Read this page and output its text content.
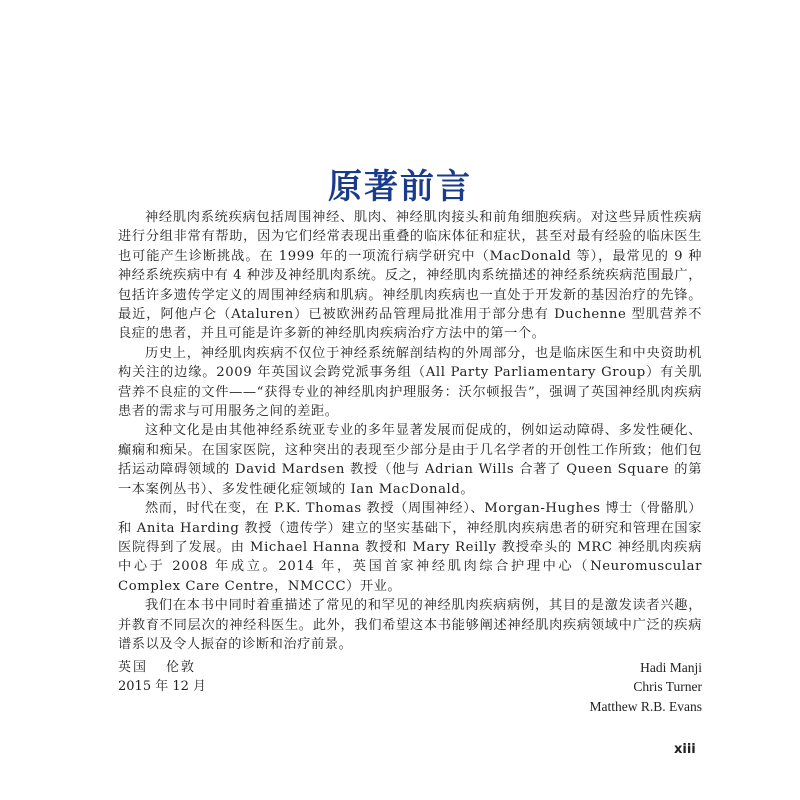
原著前言

神经肌肉系统疾病包括周围神经、肌肉、神经肌肉接头和前角细胞疾病。对这些异质性疾病进行分组非常有帮助，因为它们经常表现出重叠的临床体征和症状，甚至对最有经验的临床医生也可能产生诊断挑战。在 1999 年的一项流行病学研究中（MacDonald 等），最常见的 9 种神经系统疾病中有 4 种涉及神经肌肉系统。反之，神经肌肉系统描述的神经系统疾病范围最广，包括许多遗传学定义的周围神经病和肌病。神经肌肉疾病也一直处于开发新的基因治疗的先锋。最近，阿他卢仑（Ataluren）已被欧洲药品管理局批准用于部分患有 Duchenne 型肌营养不良症的患者，并且可能是许多新的神经肌肉疾病治疗方法中的第一个。

历史上，神经肌肉疾病不仅位于神经系统解剖结构的外周部分，也是临床医生和中央资助机构关注的边缘。2009 年英国议会跨党派事务组（All Party Parliamentary Group）有关肌营养不良症的文件——“获得专业的神经肌肉护理服务：沃尔顿报告”，强调了英国神经肌肉疾病患者的需求与可用服务之间的差距。

这种文化是由其他神经系统亚专业的多年显著发展而促成的，例如运动障碍、多发性硬化、癫痫和痴呆。在国家医院，这种突出的表现至少部分是由于几名学者的开创性工作所致；他们包括运动障碍领域的 David Mardsen 教授（他与 Adrian Wills 合著了 Queen Square 的第一本案例丛书）、多发性硬化症领域的 Ian MacDonald。

然而，时代在变，在 P.K. Thomas 教授（周围神经）、Morgan-Hughes 博士（骨骼肌）和 Anita Harding 教授（遗传学）建立的坚实基础下，神经肌肉疾病患者的研究和管理在国家医院得到了发展。由 Michael Hanna 教授和 Mary Reilly 教授牵头的 MRC 神经肌肉疾病中心于 2008 年成立。2014 年，英国首家神经肌肉综合护理中心（Neuromuscular Complex Care Centre，NMCCC）开业。

我们在本书中同时着重描述了常见的和罕见的神经肌肉疾病病例，其目的是激发读者兴趣，并教育不同层次的神经科医生。此外，我们希望这本书能够阐述神经肌肉疾病领域中广泛的疾病谱系以及令人振奋的诊断和治疗前景。

英国 伦敦
2015 年 12 月
Hadi Manji
Chris Turner
Matthew R.B. Evans
xiii
